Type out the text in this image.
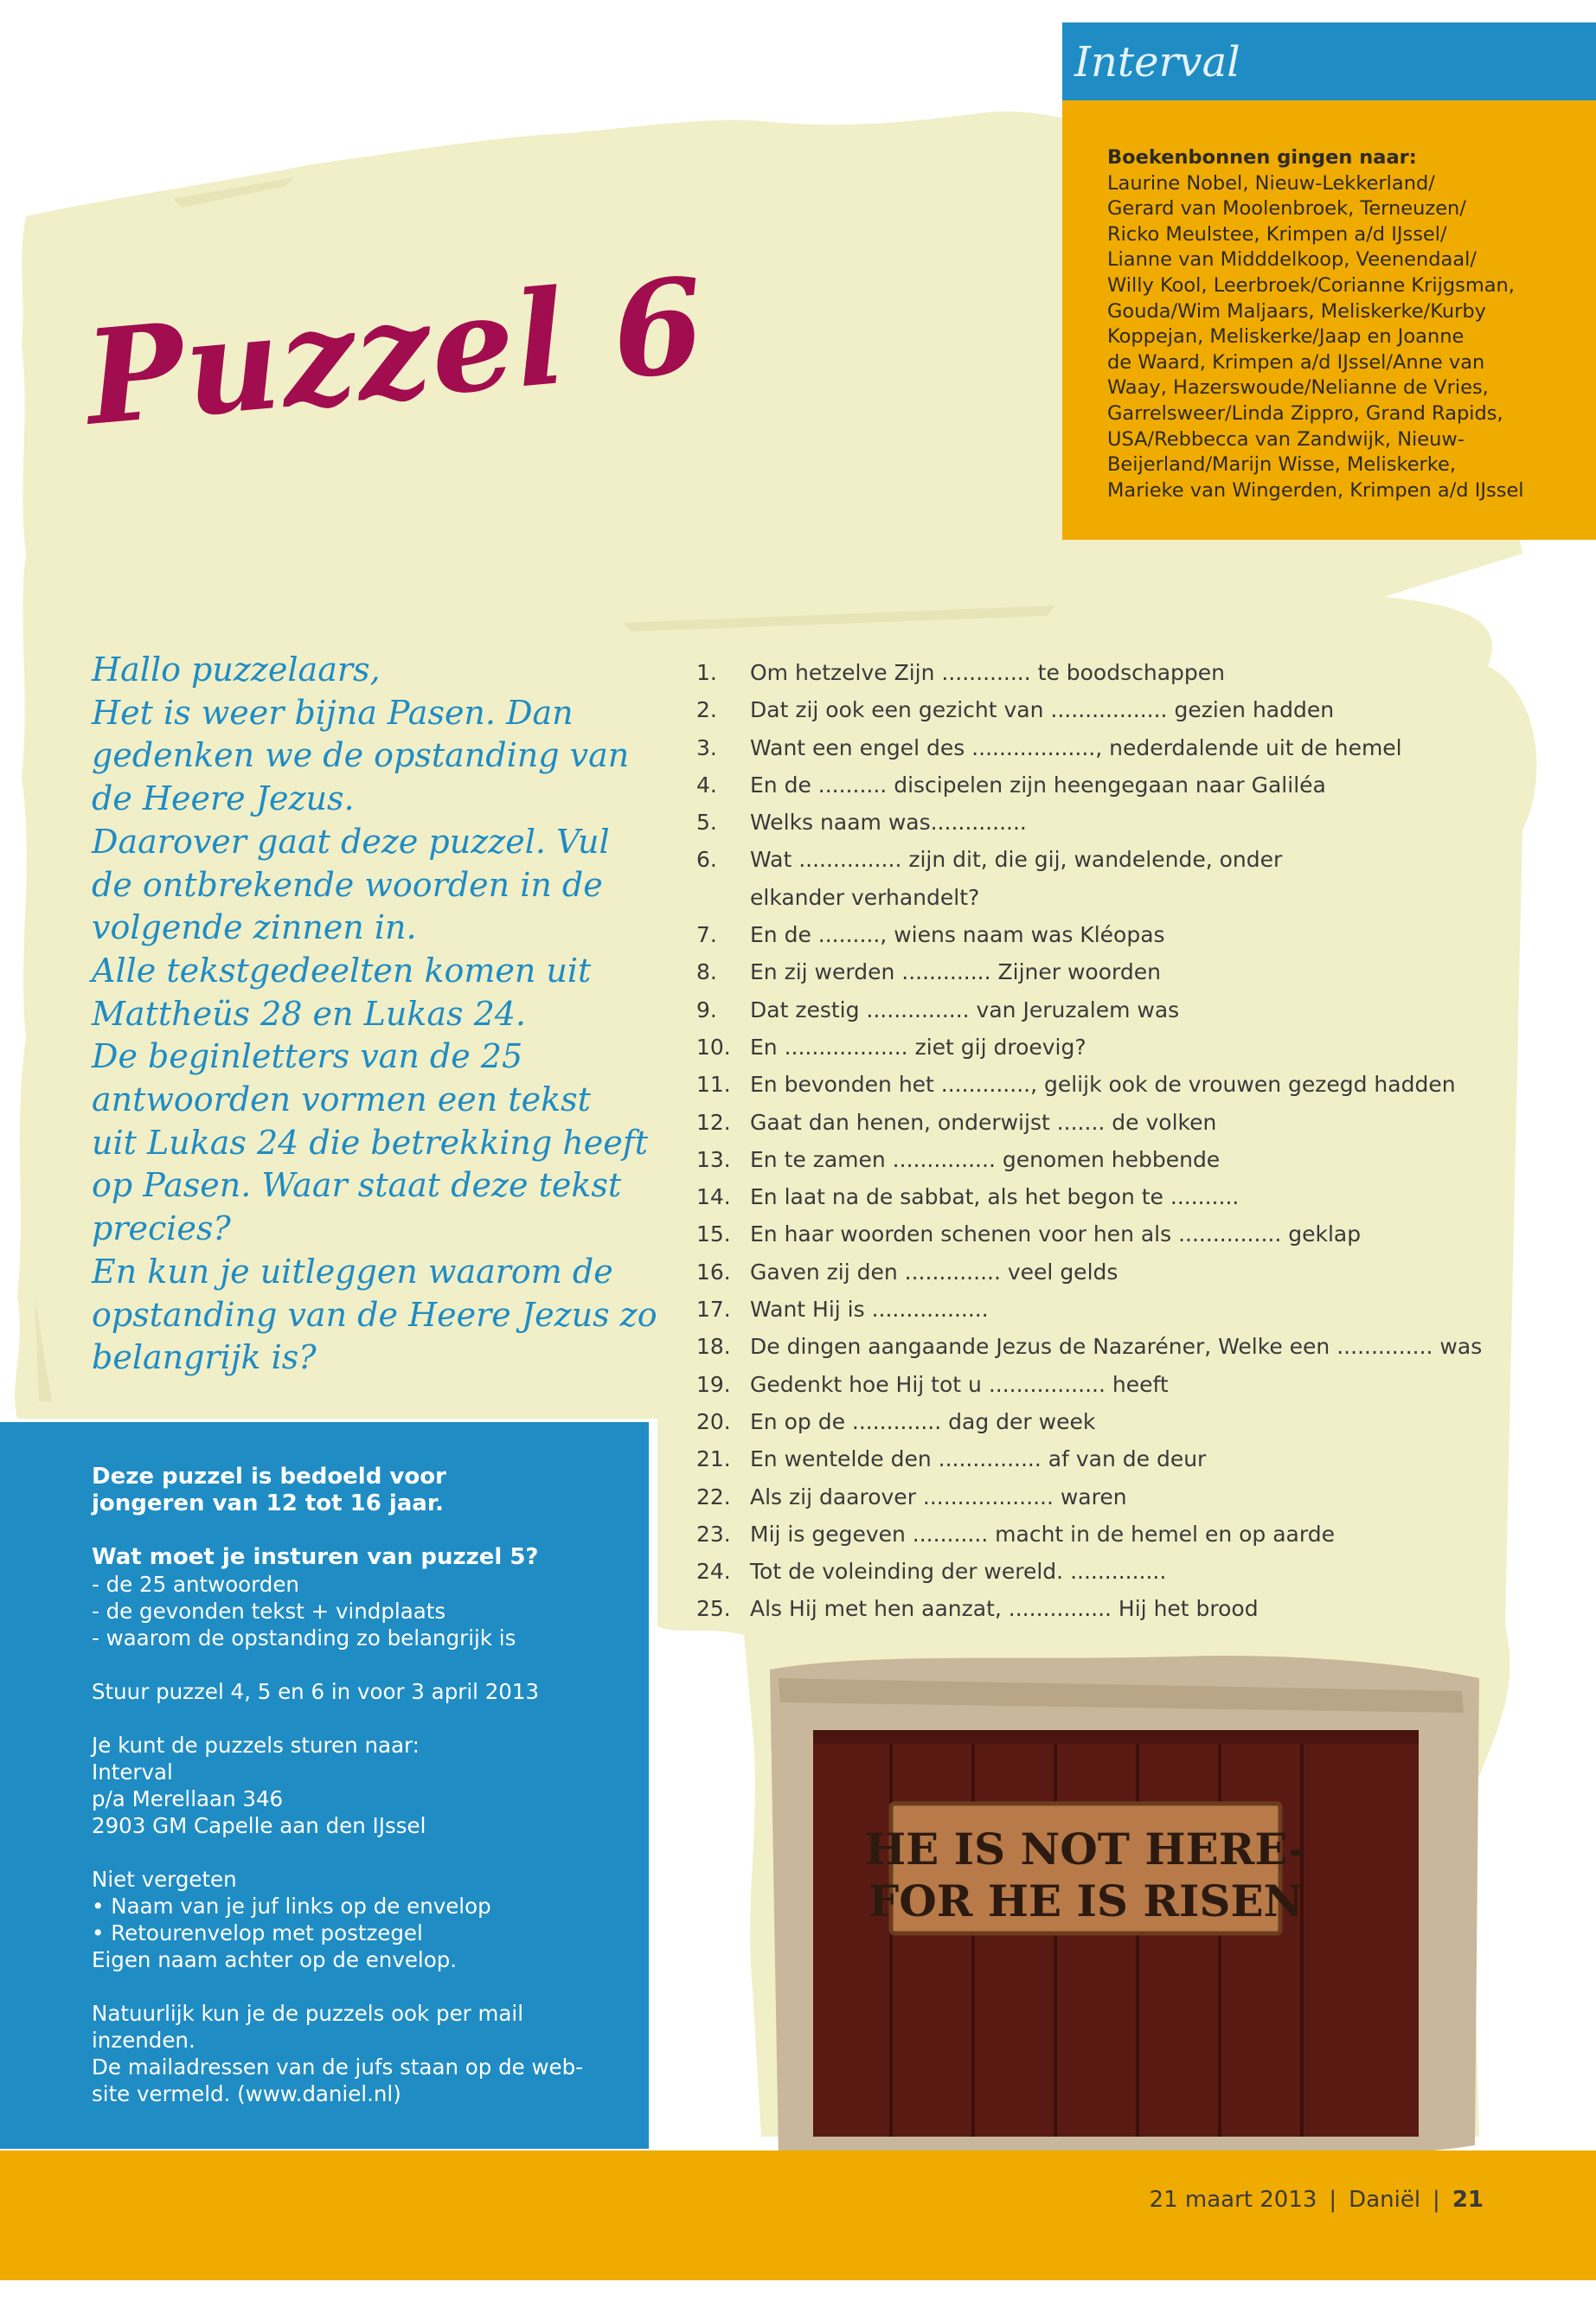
Interval
Boekenbonnen gingen naar:
Laurine Nobel, Nieuw-Lekkerland/
Gerard van Moolenbroek, Terneuzen/
Ricko Meulstee, Krimpen a/d IJssel/
Lianne van Midddelkoop, Veenendaal/
Willy Kool, Leerbroek/Corianne Krijgsman,
Gouda/Wim Maljaars, Meliskerke/Kurby
Koppejan, Meliskerke/Jaap en Joanne
de Waard, Krimpen a/d IJssel/Anne van
Waay, Hazerswoude/Nelianne de Vries,
Garrelsweer/Linda Zippro, Grand Rapids,
USA/Rebbecca van Zandwijk, Nieuw-
Beijerland/Marijn Wisse, Meliskerke,
Marieke van Wingerden, Krimpen a/d IJssel
Puzzel 6
Hallo puzzelaars,
Het is weer bijna Pasen. Dan
gedenken we de opstanding van
de Heere Jezus.
Daarover gaat deze puzzel. Vul
de ontbrekende woorden in de
volgende zinnen in.
Alle tekstgedeelten komen uit
Mattheüs 28 en Lukas 24.
De beginletters van de 25
antwoorden vormen een tekst
uit Lukas 24 die betrekking heeft
op Pasen. Waar staat deze tekst
precies?
En kun je uitleggen waarom de
opstanding van de Heere Jezus zo
belangrijk is?
1. Om hetzelve Zijn ............. te boodschappen
2. Dat zij ook een gezicht van ................. gezien hadden
3. Want een engel des .................., nederdalende uit de hemel
4. En de .......... discipelen zijn heengegaan naar Galiléa
5. Welks naam was..............
6. Wat ............... zijn dit, die gij, wandelende, onder elkander verhandelt?
7. En de ........., wiens naam was Kléopas
8. En zij werden ............. Zijner woorden
9. Dat zestig ............... van Jeruzalem was
10. En .................. ziet gij droevig?
11. En bevonden het ............., gelijk ook de vrouwen gezegd hadden
12. Gaat dan henen, onderwijst ....... de volken
13. En te zamen ............... genomen hebbende
14. En laat na de sabbat, als het begon te ..........
15. En haar woorden schenen voor hen als ............... geklap
16. Gaven zij den .............. veel gelds
17. Want Hij is .................
18. De dingen aangaande Jezus de Nazaréner, Welke een .............. was
19. Gedenkt hoe Hij tot u ................. heeft
20. En op de ............. dag der week
21. En wentelde den ............... af van de deur
22. Als zij daarover ................... waren
23. Mij is gegeven ........... macht in de hemel en op aarde
24. Tot de voleinding der wereld. ..............
25. Als Hij met hen aanzat, ............... Hij het brood
Deze puzzel is bedoeld voor
jongeren van 12 tot 16 jaar.
Wat moet je insturen van puzzel 5?
- de 25 antwoorden
- de gevonden tekst + vindplaats
- waarom de opstanding zo belangrijk is
Stuur puzzel 4, 5 en 6 in voor 3 april 2013
Je kunt de puzzels sturen naar:
Interval
p/a Merellaan 346
2903 GM Capelle aan den IJssel
Niet vergeten
• Naam van je juf links op de envelop
• Retourenvelop met postzegel
Eigen naam achter op de envelop.
Natuurlijk kun je de puzzels ook per mail
inzenden.
De mailadressen van de jufs staan op de web-
site vermeld. (www.daniel.nl)
HE IS NOT HERE-
FOR HE IS RISEN
21 maart 2013 | Daniël | 21
